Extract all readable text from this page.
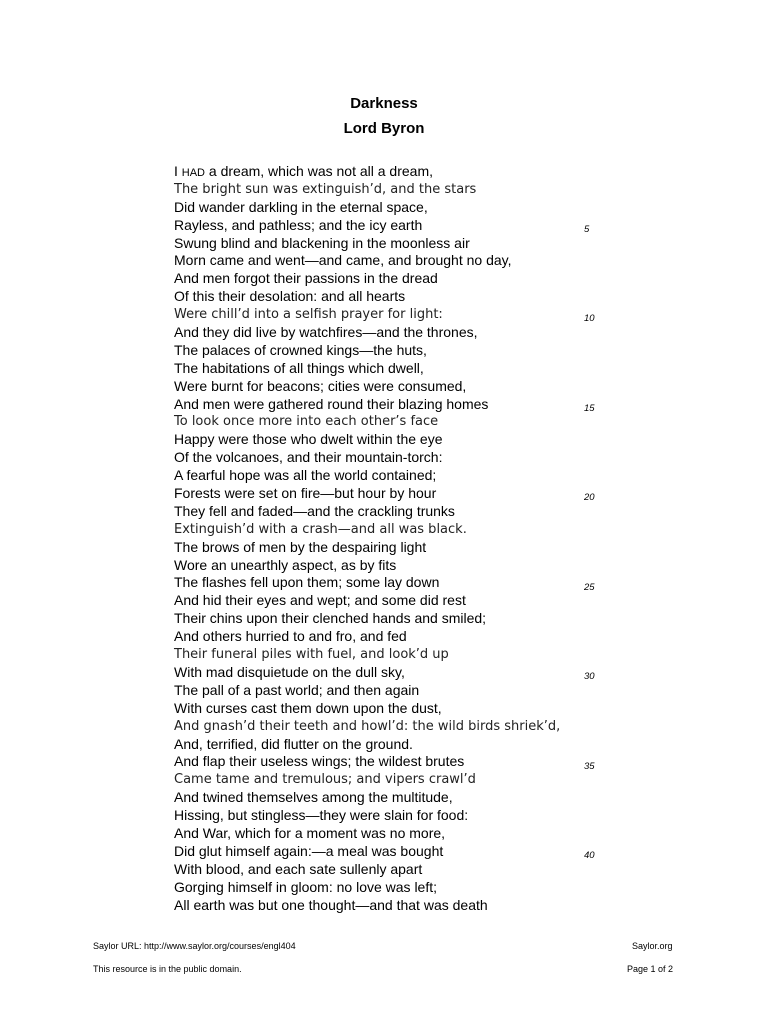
Darkness
Lord Byron
I HAD a dream, which was not all a dream,
The bright sun was extinguish’d, and the stars
Did wander darkling in the eternal space,
Rayless, and pathless; and the icy earth
Swung blind and blackening in the moonless air
Morn came and went—and came, and brought no day,
And men forgot their passions in the dread
Of this their desolation: and all hearts
Were chill’d into a selfish prayer for light:
And they did live by watchfires—and the thrones,
The palaces of crowned kings—the huts,
The habitations of all things which dwell,
Were burnt for beacons; cities were consumed,
And men were gathered round their blazing homes
To look once more into each other’s face
Happy were those who dwelt within the eye
Of the volcanoes, and their mountain-torch:
A fearful hope was all the world contained;
Forests were set on fire—but hour by hour
They fell and faded—and the crackling trunks
Extinguish’d with a crash—and all was black.
The brows of men by the despairing light
Wore an unearthly aspect, as by fits
The flashes fell upon them; some lay down
And hid their eyes and wept; and some did rest
Their chins upon their clenched hands and smiled;
And others hurried to and fro, and fed
Their funeral piles with fuel, and look’d up
With mad disquietude on the dull sky,
The pall of a past world; and then again
With curses cast them down upon the dust,
And gnash’d their teeth and howl’d: the wild birds shriek’d,
And, terrified, did flutter on the ground.
And flap their useless wings; the wildest brutes
Came tame and tremulous; and vipers crawl’d
And twined themselves among the multitude,
Hissing, but stingless—they were slain for food:
And War, which for a moment was no more,
Did glut himself again:—a meal was bought
With blood, and each sate sullenly apart
Gorging himself in gloom: no love was left;
All earth was but one thought—and that was death
5
10
15
20
25
30
35
40
Saylor URL: http://www.saylor.org/courses/engl404	Saylor.org
This resource is in the public domain.	Page 1 of 2
